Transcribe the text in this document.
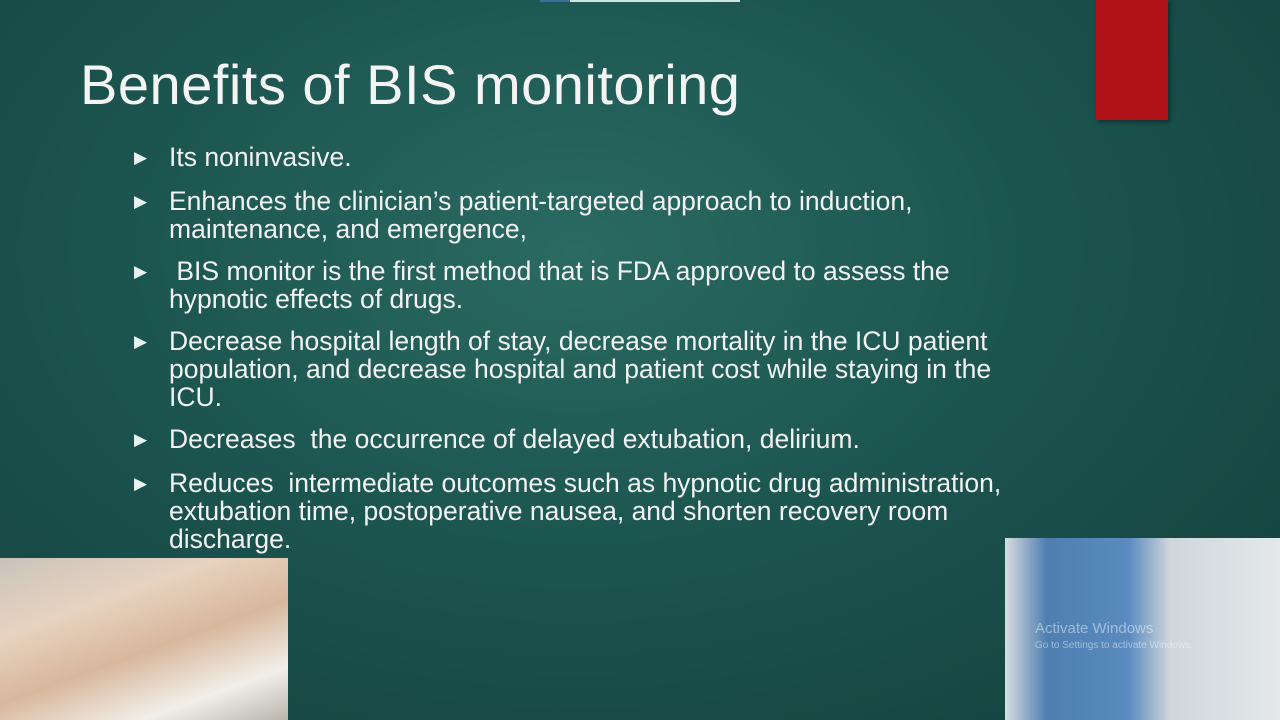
Benefits of BIS monitoring
▶ Its noninvasive.
▶ Enhances the clinician’s patient-targeted approach to induction, maintenance, and emergence,
▶ BIS monitor is the first method that is FDA approved to assess the hypnotic effects of drugs.
▶ Decrease hospital length of stay, decrease mortality in the ICU patient population, and decrease hospital and patient cost while staying in the ICU.
▶ Decreases  the occurrence of delayed extubation, delirium.
▶ Reduces  intermediate outcomes such as hypnotic drug administration, extubation time, postoperative nausea, and shorten recovery room discharge.
Activate Windows
Go to Settings to activate Windows.
